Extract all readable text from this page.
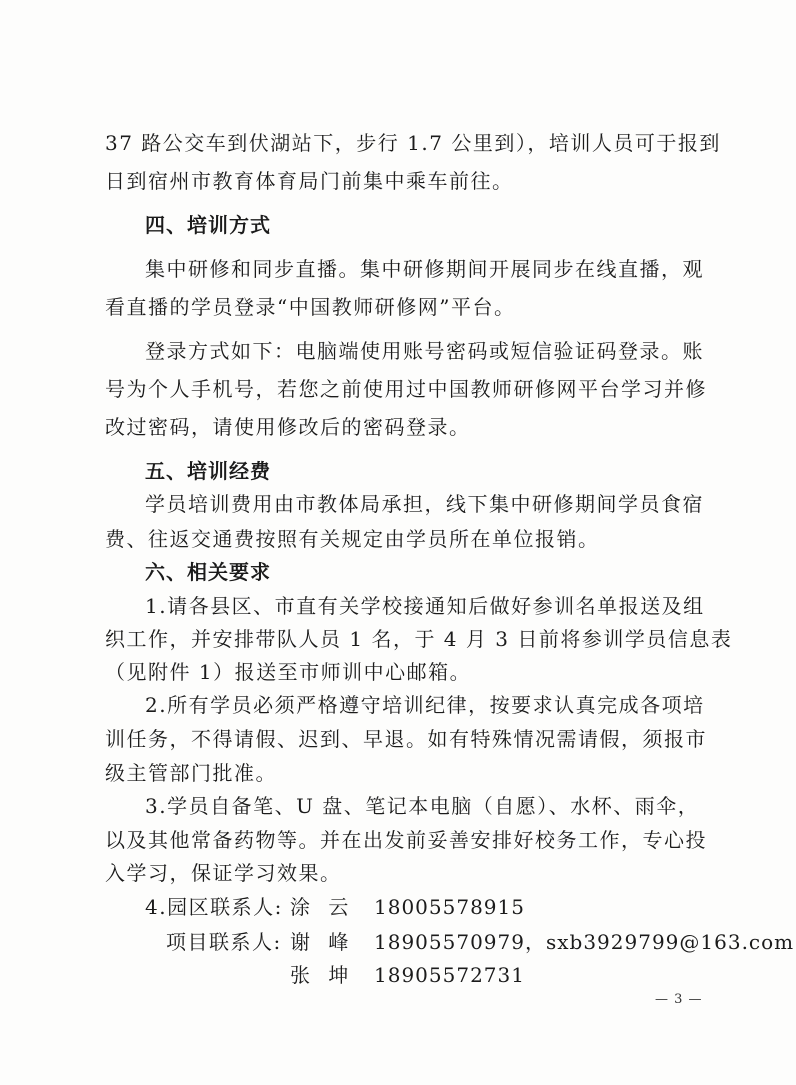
37 路公交车到伏湖站下，步行 1.7 公里到），培训人员可于报到
日到宿州市教育体育局门前集中乘车前往。
四、培训方式
集中研修和同步直播。集中研修期间开展同步在线直播，观
看直播的学员登录“中国教师研修网”平台。
登录方式如下：电脑端使用账号密码或短信验证码登录。账
号为个人手机号，若您之前使用过中国教师研修网平台学习并修
改过密码，请使用修改后的密码登录。
五、培训经费
学员培训费用由市教体局承担，线下集中研修期间学员食宿
费、往返交通费按照有关规定由学员所在单位报销。
六、相关要求
1.请各县区、市直有关学校接通知后做好参训名单报送及组
织工作，并安排带队人员 1 名，于 4 月 3 日前将参训学员信息表
（见附件 1）报送至市师训中心邮箱。
2.所有学员必须严格遵守培训纪律，按要求认真完成各项培
训任务，不得请假、迟到、早退。如有特殊情况需请假，须报市
级主管部门批准。
3.学员自备笔、U 盘、笔记本电脑（自愿）、水杯、雨伞，
以及其他常备药物等。并在出发前妥善安排好校务工作，专心投
入学习，保证学习效果。
4.园区联系人: 涂 云 18005578915
项目联系人: 谢 峰 18905570979，sxb3929799@163.com
张 坤 18905572731
— 3 —
